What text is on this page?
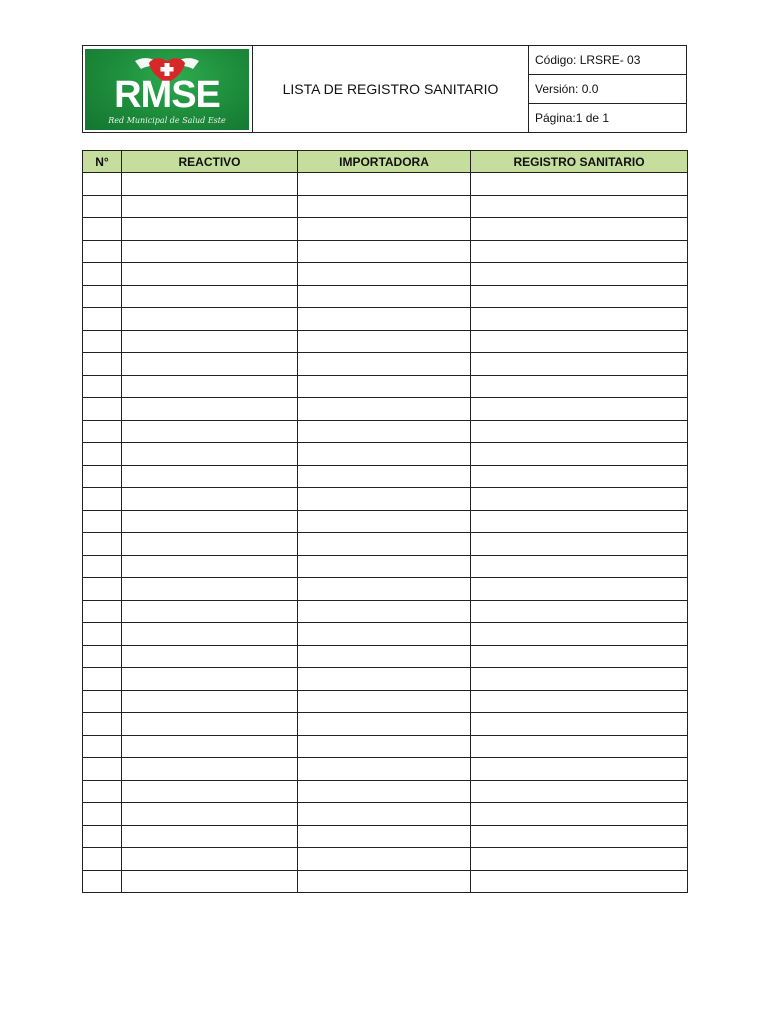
RMSE
Red Municipal de Salud Este
	LISTA DE REGISTRO SANITARIO	Código: LRSRE- 03
Versión: 0.0
Página:1 de 1
N°	REACTIVO	IMPORTADORA	REGISTRO SANITARIO
